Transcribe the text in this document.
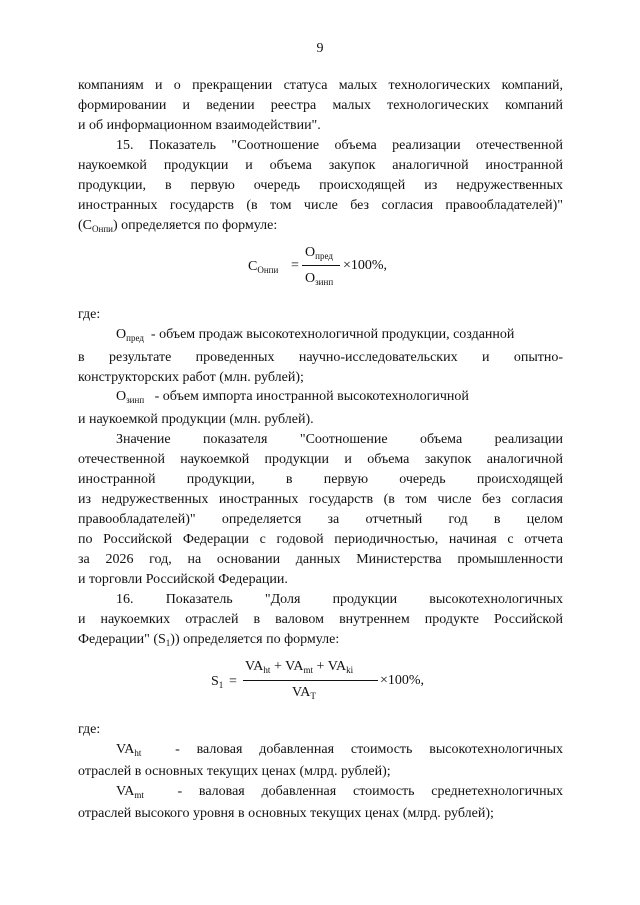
9
компаниям и о прекращении статуса малых технологических компаний,
формировании и ведении реестра малых технологических компаний
и об информационном взаимодействии".
15. Показатель "Соотношение объема реализации отечественной
наукоемкой продукции и объема закупок аналогичной иностранной
продукции, в первую очередь происходящей из недружественных
иностранных государств (в том числе без согласия правообладателей)"
$(C_{Онпи})$ определяется по формуле:
$C_{Онпи}$ =
$O_{пред}$
$O_{зинп}$
×100%,
где:
$O_{пред}$ - объем продаж высокотехнологичной продукции, созданной
в результате проведенных научно-исследовательских и опытно-
конструкторских работ (млн. рублей);
$O_{зинп}$ - объем импорта иностранной высокотехнологичной
и наукоемкой продукции (млн. рублей).
Значение показателя "Соотношение объема реализации
отечественной наукоемкой продукции и объема закупок аналогичной
иностранной продукции, в первую очередь происходящей
из недружественных иностранных государств (в том числе без согласия
правообладателей)" определяется за отчетный год в целом
по Российской Федерации с годовой периодичностью, начиная с отчета
за 2026 год, на основании данных Министерства промышленности
и торговли Российской Федерации.
16. Показатель "Доля продукции высокотехнологичных
и наукоемких отраслей в валовом внутреннем продукте Российской
Федерации" $(S_1)$) определяется по формуле:
$S_1$ =
$VA_{ht} + VA_{mt} + VA_{ki}$
$VA_T$
×100%,
где:
$VA_{ht}$ - валовая добавленная стоимость высокотехнологичных
отраслей в основных текущих ценах (млрд. рублей);
$VA_{mt}$ - валовая добавленная стоимость среднетехнологичных
отраслей высокого уровня в основных текущих ценах (млрд. рублей);
